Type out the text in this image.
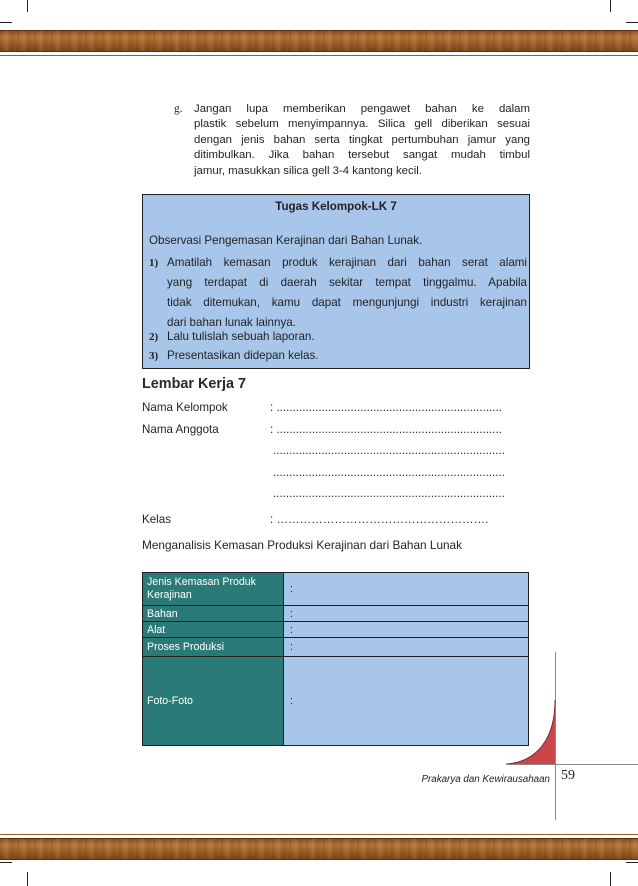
g. Jangan lupa memberikan pengawet bahan ke dalam
plastik sebelum menyimpannya. Silica gell diberikan sesuai
dengan jenis bahan serta tingkat pertumbuhan jamur yang
ditimbulkan. Jika bahan tersebut sangat mudah timbul
jamur, masukkan silica gell 3-4 kantong kecil.
Tugas Kelompok-LK 7
Observasi Pengemasan Kerajinan dari Bahan Lunak.
1) Amatilah kemasan produk kerajinan dari bahan serat alami
yang terdapat di daerah sekitar tempat tinggalmu. Apabila
tidak ditemukan, kamu dapat mengunjungi industri kerajinan
dari bahan lunak lainnya.
2) Lalu tulislah sebuah laporan.
3) Presentasikan didepan kelas.
Lembar Kerja 7
Nama Kelompok	: ......................................................................
Nama Anggota	: ......................................................................
........................................................................
........................................................................
........................................................................
Kelas	: ……………………………………………….
Menganalisis Kemasan Produksi Kerajinan dari Bahan Lunak
Jenis Kemasan Produk Kerajinan	:
Bahan	:
Alat	:
Proses Produksi	:
Foto-Foto	:
Prakarya dan Kewirausahaan 59
